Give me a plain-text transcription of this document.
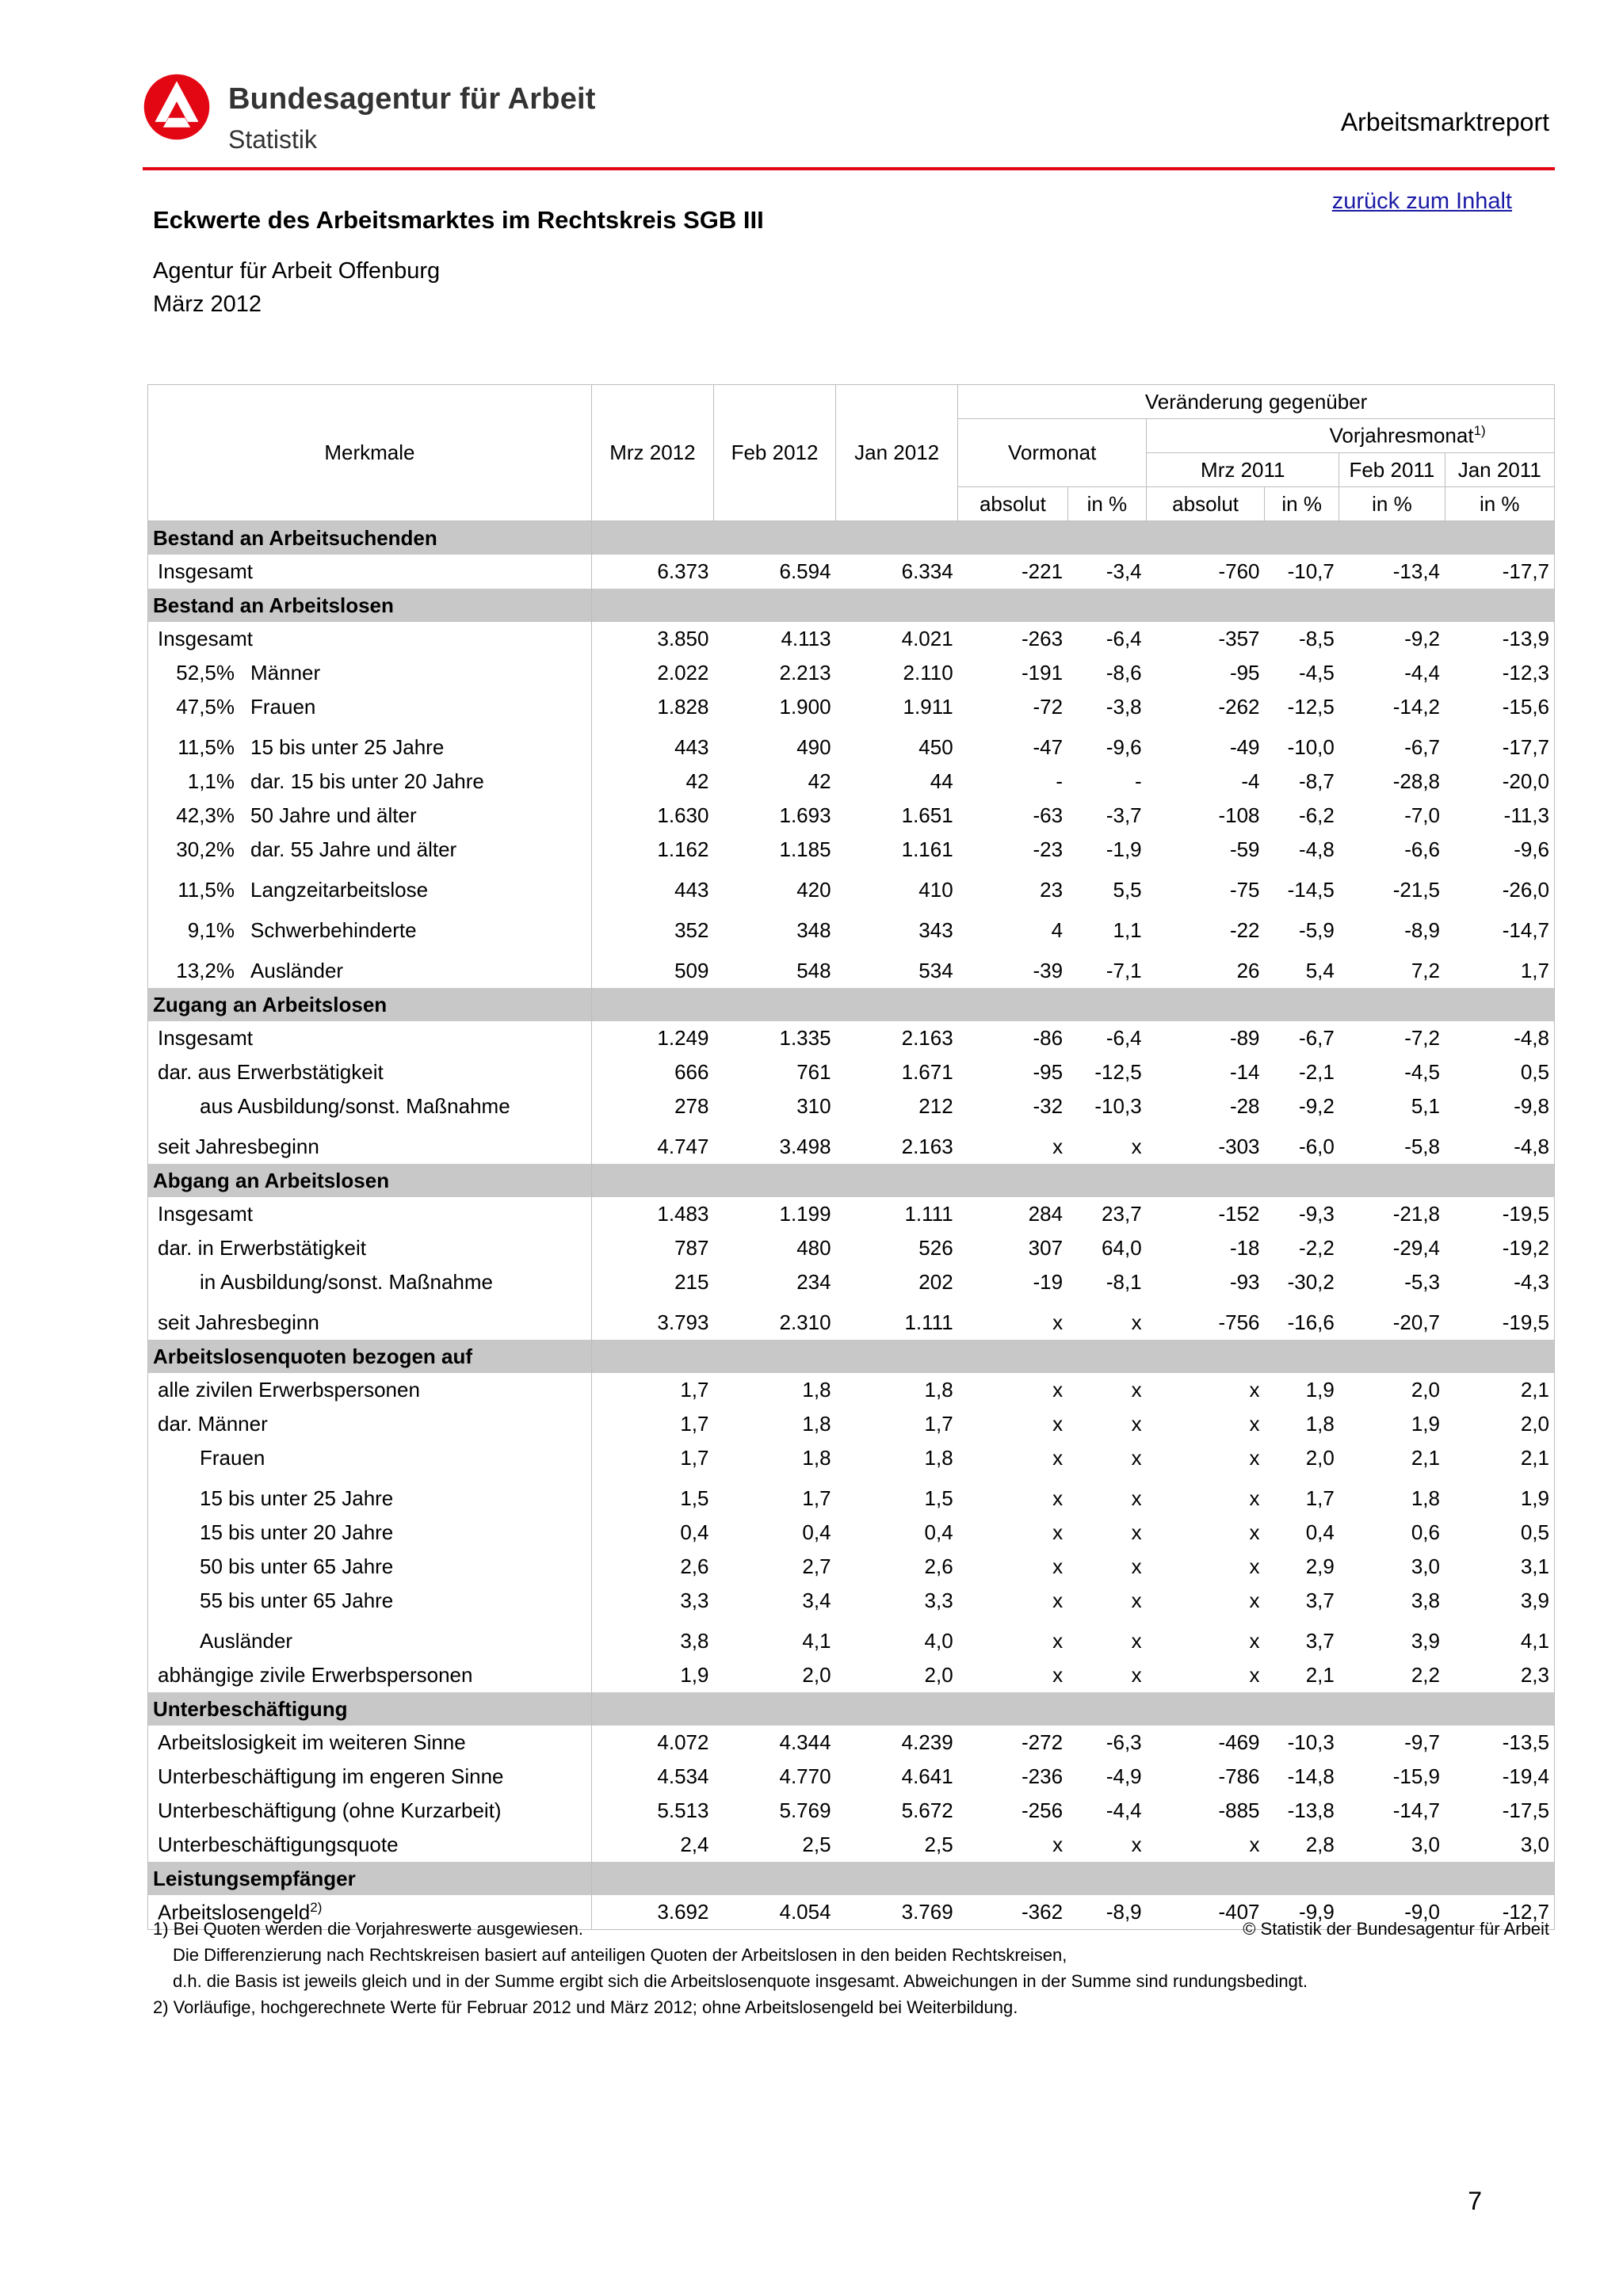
Bundesagentur für Arbeit
Statistik
Arbeitsmarktreport
zurück zum Inhalt
Eckwerte des Arbeitsmarktes im Rechtskreis SGB III
Agentur für Arbeit Offenburg
März 2012
Merkmale		Mrz 2012	Feb 2012	Jan 2012	Veränderung gegenüber					
					Vormonat		Vorjahresmonat$^{1)}$
							Mrz 2011		Feb 2011	Jan 2011
					absolut	in %	absolut	in %	in %	in %
Bestand an Arbeitsuchenden										
Insgesamt		6.373	6.594	6.334	-221	-3,4	-760	-10,7	-13,4	-17,7
Bestand an Arbeitslosen										
Insgesamt		3.850	4.113	4.021	-263	-6,4	-357	-8,5	-9,2	-13,9
52,5%	Männer	2.022	2.213	2.110	-191	-8,6	-95	-4,5	-4,4	-12,3
47,5%	Frauen	1.828	1.900	1.911	-72	-3,8	-262	-12,5	-14,2	-15,6
11,5%	15 bis unter 25 Jahre	443	490	450	-47	-9,6	-49	-10,0	-6,7	-17,7
1,1%	dar. 15 bis unter 20 Jahre	42	42	44	-	-	-4	-8,7	-28,8	-20,0
42,3%	50 Jahre und älter	1.630	1.693	1.651	-63	-3,7	-108	-6,2	-7,0	-11,3
30,2%	dar. 55 Jahre und älter	1.162	1.185	1.161	-23	-1,9	-59	-4,8	-6,6	-9,6
11,5%	Langzeitarbeitslose	443	420	410	23	5,5	-75	-14,5	-21,5	-26,0
9,1%	Schwerbehinderte	352	348	343	4	1,1	-22	-5,9	-8,9	-14,7
13,2%	Ausländer	509	548	534	-39	-7,1	26	5,4	7,2	1,7
Zugang an Arbeitslosen										
Insgesamt		1.249	1.335	2.163	-86	-6,4	-89	-6,7	-7,2	-4,8
dar. aus Erwerbstätigkeit		666	761	1.671	-95	-12,5	-14	-2,1	-4,5	0,5
aus Ausbildung/sonst. Maßnahme		278	310	212	-32	-10,3	-28	-9,2	5,1	-9,8
seit Jahresbeginn		4.747	3.498	2.163	x	x	-303	-6,0	-5,8	-4,8
Abgang an Arbeitslosen										
Insgesamt		1.483	1.199	1.111	284	23,7	-152	-9,3	-21,8	-19,5
dar. in Erwerbstätigkeit		787	480	526	307	64,0	-18	-2,2	-29,4	-19,2
in Ausbildung/sonst. Maßnahme		215	234	202	-19	-8,1	-93	-30,2	-5,3	-4,3
seit Jahresbeginn		3.793	2.310	1.111	x	x	-756	-16,6	-20,7	-19,5
Arbeitslosenquoten bezogen auf										
alle zivilen Erwerbspersonen		1,7	1,8	1,8	x	x	x	1,9	2,0	2,1
dar. Männer		1,7	1,8	1,7	x	x	x	1,8	1,9	2,0
Frauen		1,7	1,8	1,8	x	x	x	2,0	2,1	2,1
15 bis unter 25 Jahre		1,5	1,7	1,5	x	x	x	1,7	1,8	1,9
15 bis unter 20 Jahre		0,4	0,4	0,4	x	x	x	0,4	0,6	0,5
50 bis unter 65 Jahre		2,6	2,7	2,6	x	x	x	2,9	3,0	3,1
55 bis unter 65 Jahre		3,3	3,4	3,3	x	x	x	3,7	3,8	3,9
Ausländer		3,8	4,1	4,0	x	x	x	3,7	3,9	4,1
abhängige zivile Erwerbspersonen		1,9	2,0	2,0	x	x	x	2,1	2,2	2,3
Unterbeschäftigung										
Arbeitslosigkeit im weiteren Sinne		4.072	4.344	4.239	-272	-6,3	-469	-10,3	-9,7	-13,5
Unterbeschäftigung im engeren Sinne		4.534	4.770	4.641	-236	-4,9	-786	-14,8	-15,9	-19,4
Unterbeschäftigung (ohne Kurzarbeit)		5.513	5.769	5.672	-256	-4,4	-885	-13,8	-14,7	-17,5
Unterbeschäftigungsquote		2,4	2,5	2,5	x	x	x	2,8	3,0	3,0
Leistungsempfänger										
Arbeitslosengeld$^{2)}$		3.692	4.054	3.769	-362	-8,9	-407	-9,9	-9,0	-12,7
1) Bei Quoten werden die Vorjahreswerte ausgewiesen.
Die Differenzierung nach Rechtskreisen basiert auf anteiligen Quoten der Arbeitslosen in den beiden Rechtskreisen,
d.h. die Basis ist jeweils gleich und in der Summe ergibt sich die Arbeitslosenquote insgesamt. Abweichungen in der Summe sind rundungsbedingt.
2) Vorläufige, hochgerechnete Werte für Februar 2012 und März 2012; ohne Arbeitslosengeld bei Weiterbildung.
© Statistik der Bundesagentur für Arbeit
7
